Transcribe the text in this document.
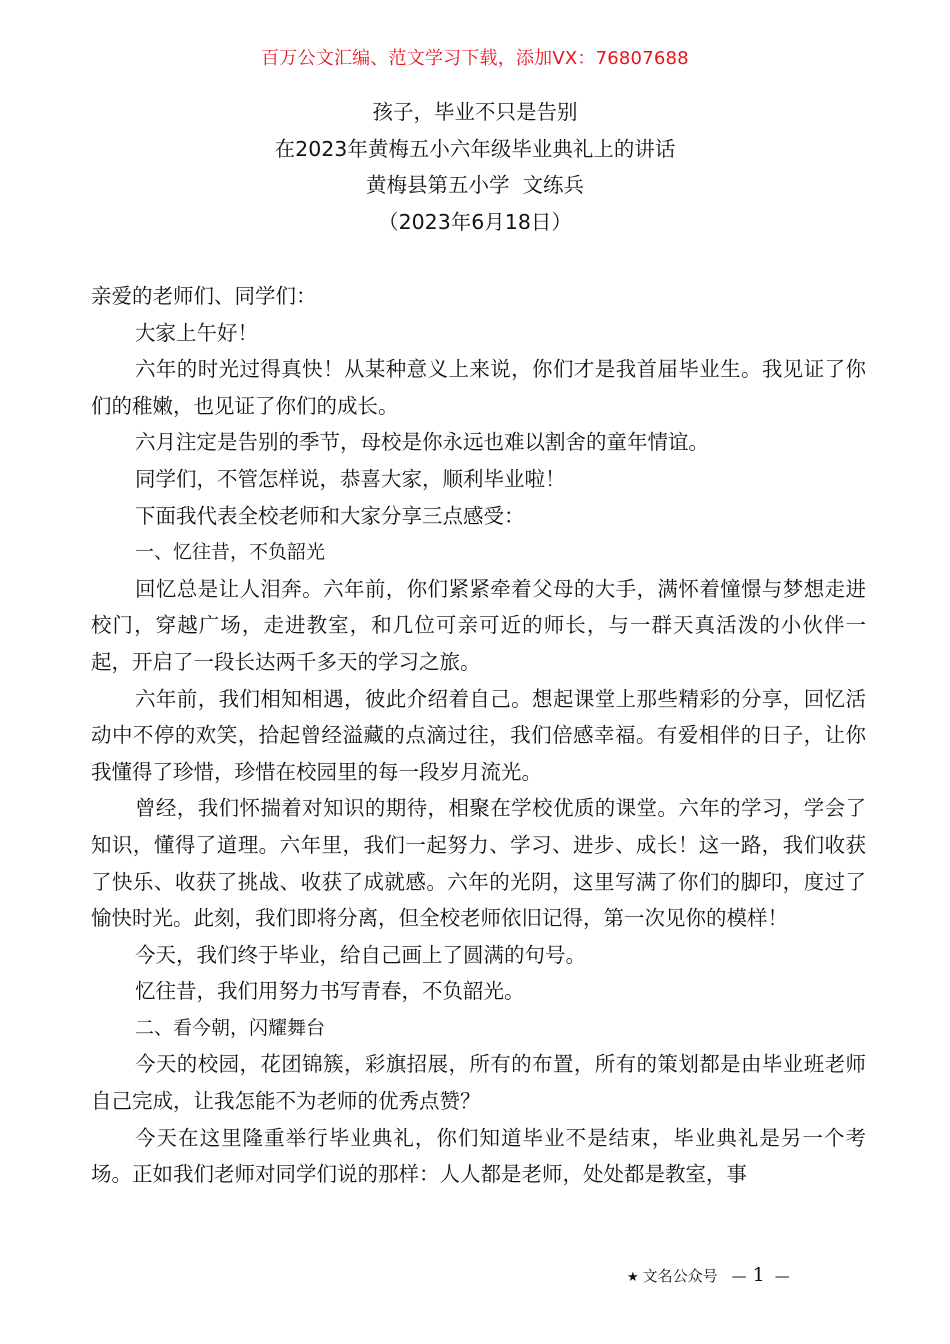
百万公文汇编、范文学习下载，添加VX：76807688
孩子，毕业不只是告别
在2023年黄梅五小六年级毕业典礼上的讲话
黄梅县第五小学  文练兵
（2023年6月18日）

亲爱的老师们、同学们：

大家上午好！

六年的时光过得真快！从某种意义上来说，你们才是我首届毕业生。我见证了你们的稚嫩，也见证了你们的成长。

六月注定是告别的季节，母校是你永远也难以割舍的童年情谊。

同学们，不管怎样说，恭喜大家，顺利毕业啦！

下面我代表全校老师和大家分享三点感受：

一、忆往昔，不负韶光

回忆总是让人泪奔。六年前，你们紧紧牵着父母的大手，满怀着憧憬与梦想走进校门，穿越广场，走进教室，和几位可亲可近的师长，与一群天真活泼的小伙伴一起，开启了一段长达两千多天的学习之旅。

六年前，我们相知相遇，彼此介绍着自己。想起课堂上那些精彩的分享，回忆活动中不停的欢笑，拾起曾经溢藏的点滴过往，我们倍感幸福。有爱相伴的日子，让你我懂得了珍惜，珍惜在校园里的每一段岁月流光。

曾经，我们怀揣着对知识的期待，相聚在学校优质的课堂。六年的学习，学会了知识，懂得了道理。六年里，我们一起努力、学习、进步、成长！这一路，我们收获了快乐、收获了挑战、收获了成就感。六年的光阴，这里写满了你们的脚印，度过了愉快时光。此刻，我们即将分离，但全校老师依旧记得，第一次见你的模样！

今天，我们终于毕业，给自己画上了圆满的句号。

忆往昔，我们用努力书写青春，不负韶光。

二、看今朝，闪耀舞台

今天的校园，花团锦簇，彩旗招展，所有的布置，所有的策划都是由毕业班老师自己完成，让我怎能不为老师的优秀点赞？

今天在这里隆重举行毕业典礼，你们知道毕业不是结束，毕业典礼是另一个考场。正如我们老师对同学们说的那样：人人都是老师，处处都是教室，事

★ 文名公众号 — 1 —
